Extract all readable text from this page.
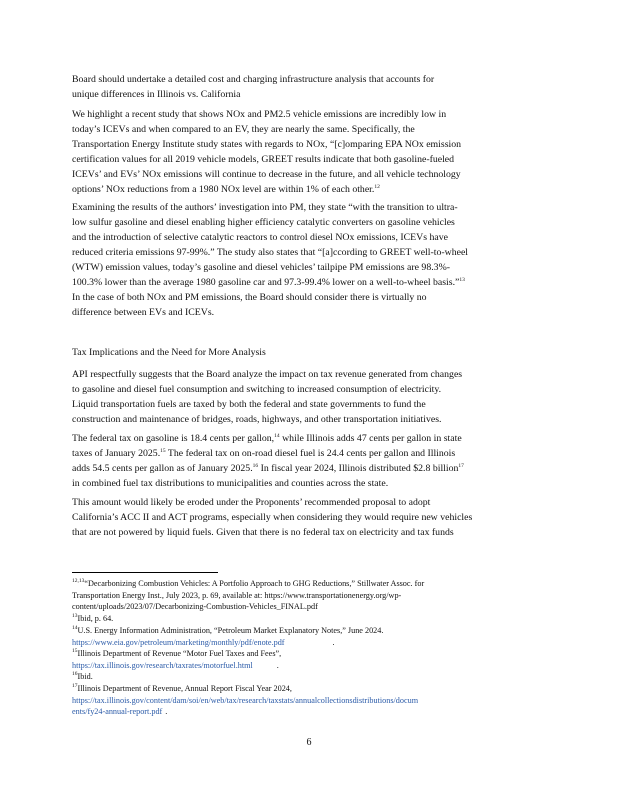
Board should undertake a detailed cost and charging infrastructure analysis that accounts for
unique differences in Illinois vs. California

We highlight a recent study that shows NOx and PM2.5 vehicle emissions are incredibly low in
today’s ICEVs and when compared to an EV, they are nearly the same. Specifically, the
Transportation Energy Institute study states with regards to NOx, “[c]omparing EPA NOx emission
certification values for all 2019 vehicle models, GREET results indicate that both gasoline-fueled
ICEVs’ and EVs’ NOx emissions will continue to decrease in the future, and all vehicle technology
options’ NOx reductions from a 1980 NOx level are within 1% of each other.$^{12}$

Examining the results of the authors’ investigation into PM, they state “with the transition to ultra-
low sulfur gasoline and diesel enabling higher efficiency catalytic converters on gasoline vehicles
and the introduction of selective catalytic reactors to control diesel NOx emissions, ICEVs have
reduced criteria emissions 97-99%.” The study also states that “[a]ccording to GREET well-to-wheel
(WTW) emission values, today’s gasoline and diesel vehicles’ tailpipe PM emissions are 98.3%-
100.3% lower than the average 1980 gasoline car and 97.3-99.4% lower on a well-to-wheel basis.”$^{13}$
In the case of both NOx and PM emissions, the Board should consider there is virtually no
difference between EVs and ICEVs.

Tax Implications and the Need for More Analysis

API respectfully suggests that the Board analyze the impact on tax revenue generated from changes
to gasoline and diesel fuel consumption and switching to increased consumption of electricity.
Liquid transportation fuels are taxed by both the federal and state governments to fund the
construction and maintenance of bridges, roads, highways, and other transportation initiatives.

The federal tax on gasoline is 18.4 cents per gallon,$^{14}$ while Illinois adds 47 cents per gallon in state
taxes of January 2025.15 The federal tax on on-road diesel fuel is 24.4 cents per gallon and Illinois
adds 54.5 cents per gallon as of January 2025.16 In fiscal year 2024, Illinois distributed $2.8 billion$^{17}$
in combined fuel tax distributions to municipalities and counties across the state.

This amount would likely be eroded under the Proponents’ recommended proposal to adopt
California’s ACC II and ACT programs, especially when considering they would require new vehicles
that are not powered by liquid fuels. Given that there is no federal tax on electricity and tax funds

$^{12,13}$“Decarbonizing Combustion Vehicles: A Portfolio Approach to GHG Reductions,” Stillwater Assoc. for
Transportation Energy Inst., July 2023, p. 69, available at: https://www.transportationenergy.org/wp-
content/uploads/2023/07/Decarbonizing-Combustion-Vehicles_FINAL.pdf
$^{13}$Ibid, p. 64.
$^{14}$U.S. Energy Information Administration, “Petroleum Market Explanatory Notes,” June 2024.
https://www.eia.gov/petroleum/marketing/monthly/pdf/enote.pdf	.
$^{15}$Illinois Department of Revenue “Motor Fuel Taxes and Fees”,
https://tax.illinois.gov/research/taxrates/motorfuel.html	.
$^{16}$Ibid.
$^{17}$Illinois Department of Revenue, Annual Report Fiscal Year 2024,
https://tax.illinois.gov/content/dam/soi/en/web/tax/research/taxstats/annualcollectionsdistributions/docum
ents/fy24-annual-report.pdf .
6
